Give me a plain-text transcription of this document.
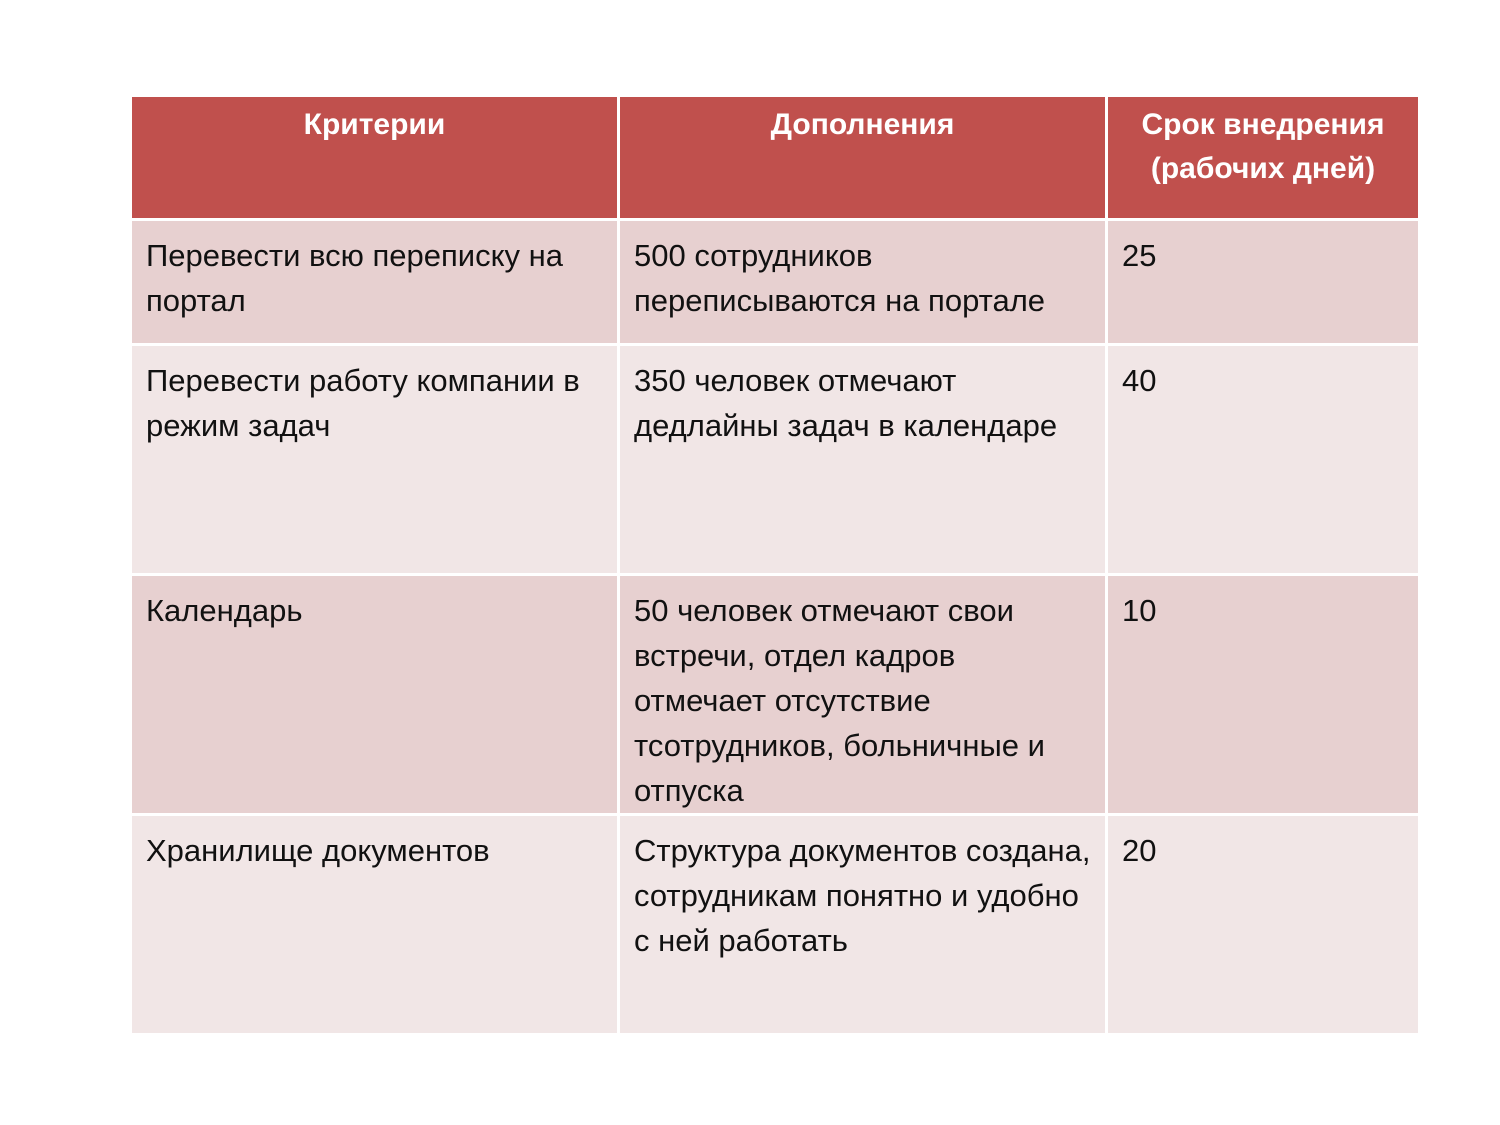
Критерии	Дополнения	Срок внедрения (рабочих дней)

Перевести всю переписку на портал	500 сотрудников переписываются на портале	25

Перевести работу компании в режим задач	350 человек отмечают дедлайны задач в календаре	40

Календарь	50 человек отмечают свои встречи, отдел кадров отмечает отсутствие тсотрудников, больничные и отпуска	10

Хранилище документов	Структура документов создана, сотрудникам понятно и удобно с ней работать	20
